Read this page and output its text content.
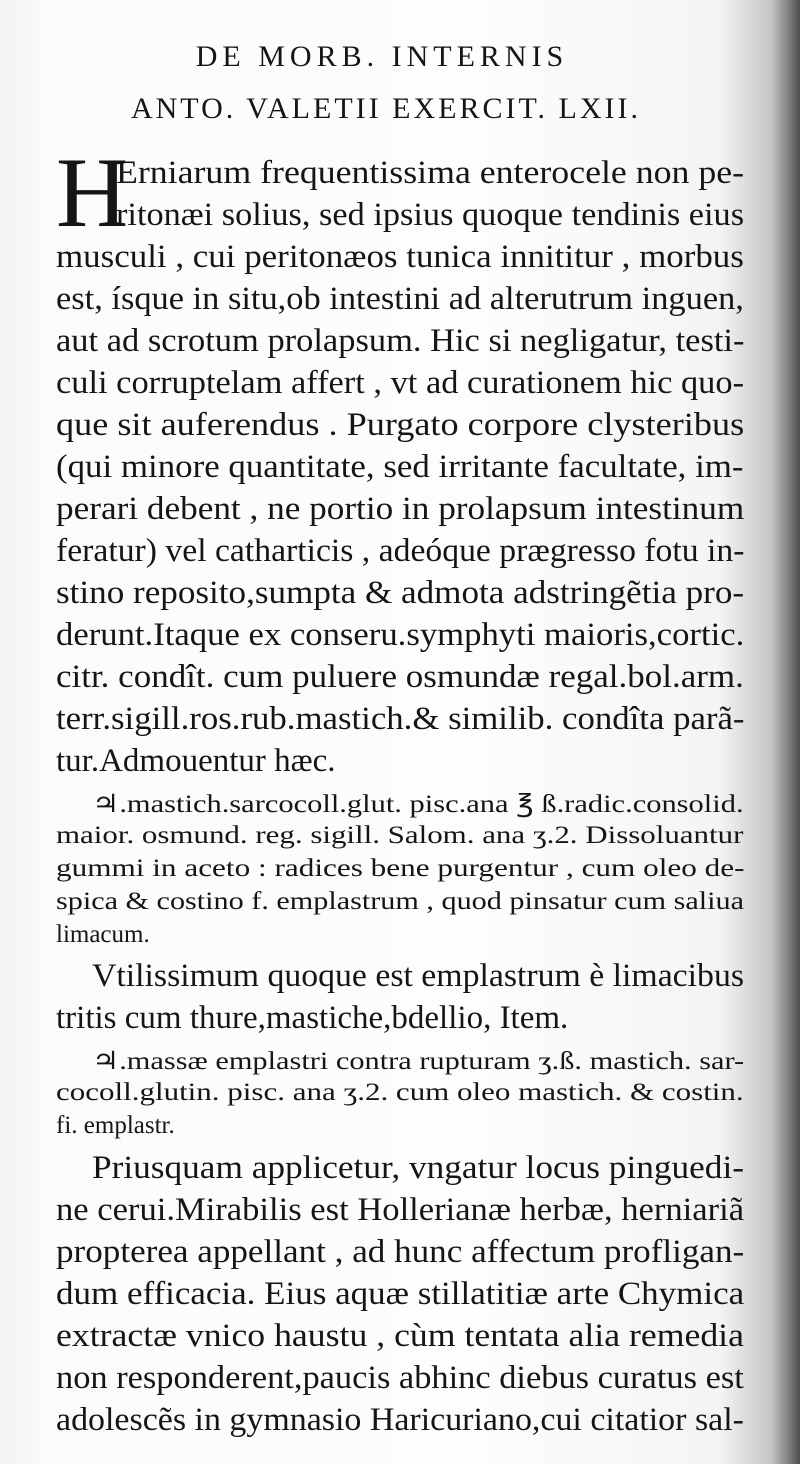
DE MORB. INTERNIS
ANTO. VALETII EXERCIT. LXII.
H
Erniarum frequentissima enterocele non pe-
ritonæi solius, sed ipsius quoque tendinis eius
musculi , cui peritonæos tunica innititur , morbus
est, ísque in situ,ob intestini ad alterutrum inguen,
aut ad scrotum prolapsum. Hic si negligatur, testi-
culi corruptelam affert , vt ad curationem hic quo-
que sit auferendus . Purgato corpore clysteribus
(qui minore quantitate, sed irritante facultate, im-
perari debent , ne portio in prolapsum intestinum
feratur) vel catharticis , adeóque prægresso fotu in-
stino reposito,sumpta & admota adstringẽtia pro-
derunt.Itaque ex conseru.symphyti maioris,cortic.
citr. condît. cum puluere osmundæ regal.bol.arm.
terr.sigill.ros.rub.mastich.& similib. condîta parã-
tur.Admouentur hæc.
♃.mastich.sarcocoll.glut. pisc.ana ℥ ß.radic.consolid.
maior. osmund. reg. sigill. Salom. ana ʒ.2. Dissoluantur
gummi in aceto : radices bene purgentur , cum oleo de-
spica & costino f. emplastrum , quod pinsatur cum saliua
limacum.
Vtilissimum quoque est emplastrum è limacibus
tritis cum thure,mastiche,bdellio, Item.
♃.massæ emplastri contra rupturam ʒ.ß. mastich. sar-
cocoll.glutin. pisc. ana ʒ.2. cum oleo mastich. & costin.
fi. emplastr.
Priusquam applicetur, vngatur locus pinguedi-
ne cerui.Mirabilis est Hollerianæ herbæ, herniariã
propterea appellant , ad hunc affectum profligan-
dum efficacia. Eius aquæ stillatitiæ arte Chymica
extractæ vnico haustu , cùm tentata alia remedia
non responderent,paucis abhinc diebus curatus est
adolescẽs in gymnasio Haricuriano,cui citatior sal-
